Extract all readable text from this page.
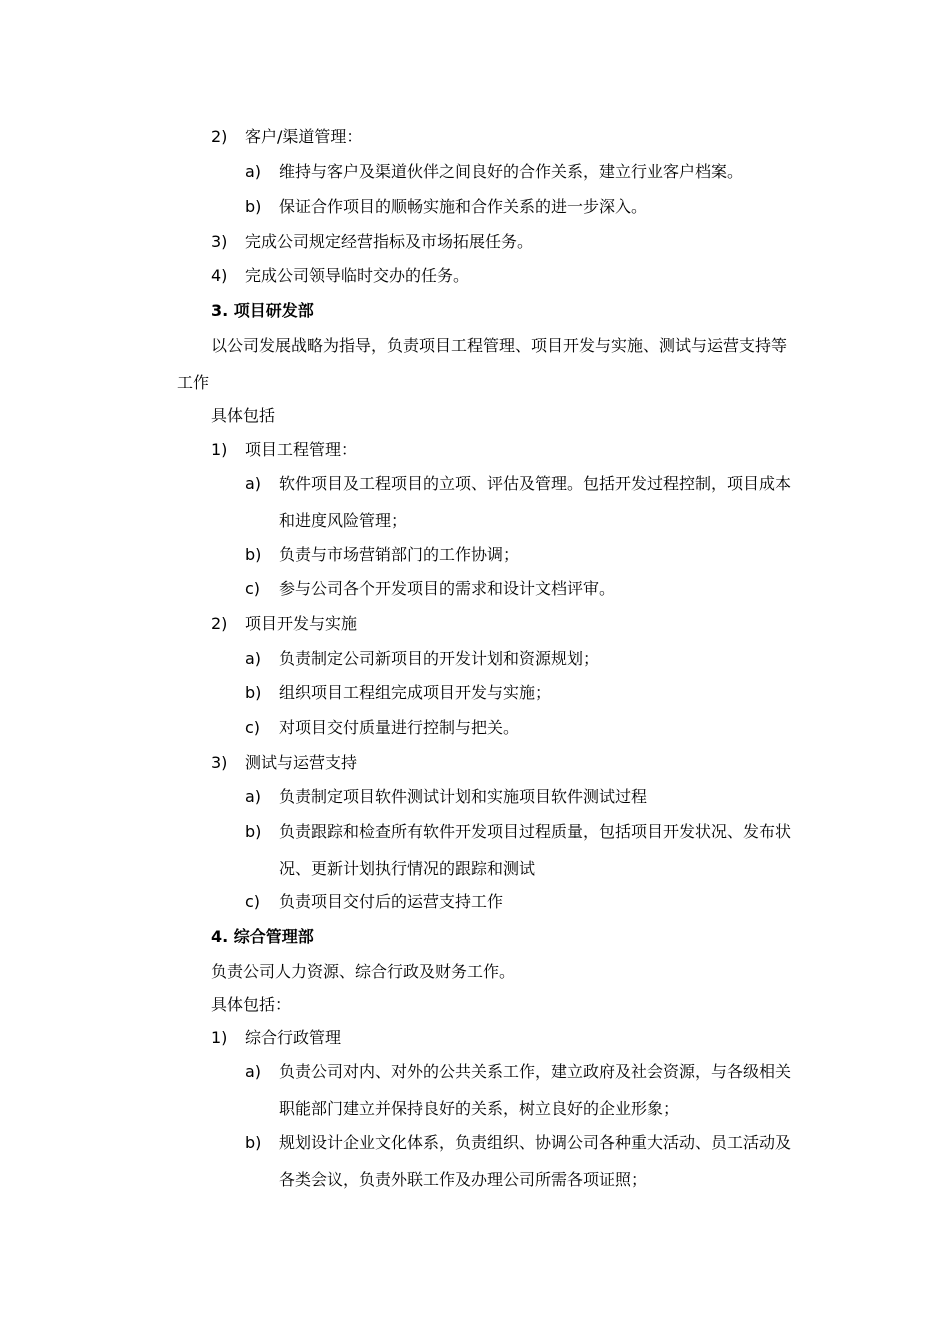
2) 客户/渠道管理：
a) 维持与客户及渠道伙伴之间良好的合作关系，建立行业客户档案。
b) 保证合作项目的顺畅实施和合作关系的进一步深入。
3) 完成公司规定经营指标及市场拓展任务。
4) 完成公司领导临时交办的任务。
3. 项目研发部
以公司发展战略为指导，负责项目工程管理、项目开发与实施、测试与运营支持等
工作
具体包括
1) 项目工程管理：
a) 软件项目及工程项目的立项、评估及管理。包括开发过程控制，项目成本
和进度风险管理；
b) 负责与市场营销部门的工作协调；
c) 参与公司各个开发项目的需求和设计文档评审。
2) 项目开发与实施
a) 负责制定公司新项目的开发计划和资源规划；
b) 组织项目工程组完成项目开发与实施；
c) 对项目交付质量进行控制与把关。
3) 测试与运营支持
a) 负责制定项目软件测试计划和实施项目软件测试过程
b) 负责跟踪和检查所有软件开发项目过程质量，包括项目开发状况、发布状
况、更新计划执行情况的跟踪和测试
c) 负责项目交付后的运营支持工作
4. 综合管理部
负责公司人力资源、综合行政及财务工作。
具体包括：
1) 综合行政管理
a) 负责公司对内、对外的公共关系工作，建立政府及社会资源，与各级相关
职能部门建立并保持良好的关系，树立良好的企业形象；
b) 规划设计企业文化体系，负责组织、协调公司各种重大活动、员工活动及
各类会议，负责外联工作及办理公司所需各项证照；
